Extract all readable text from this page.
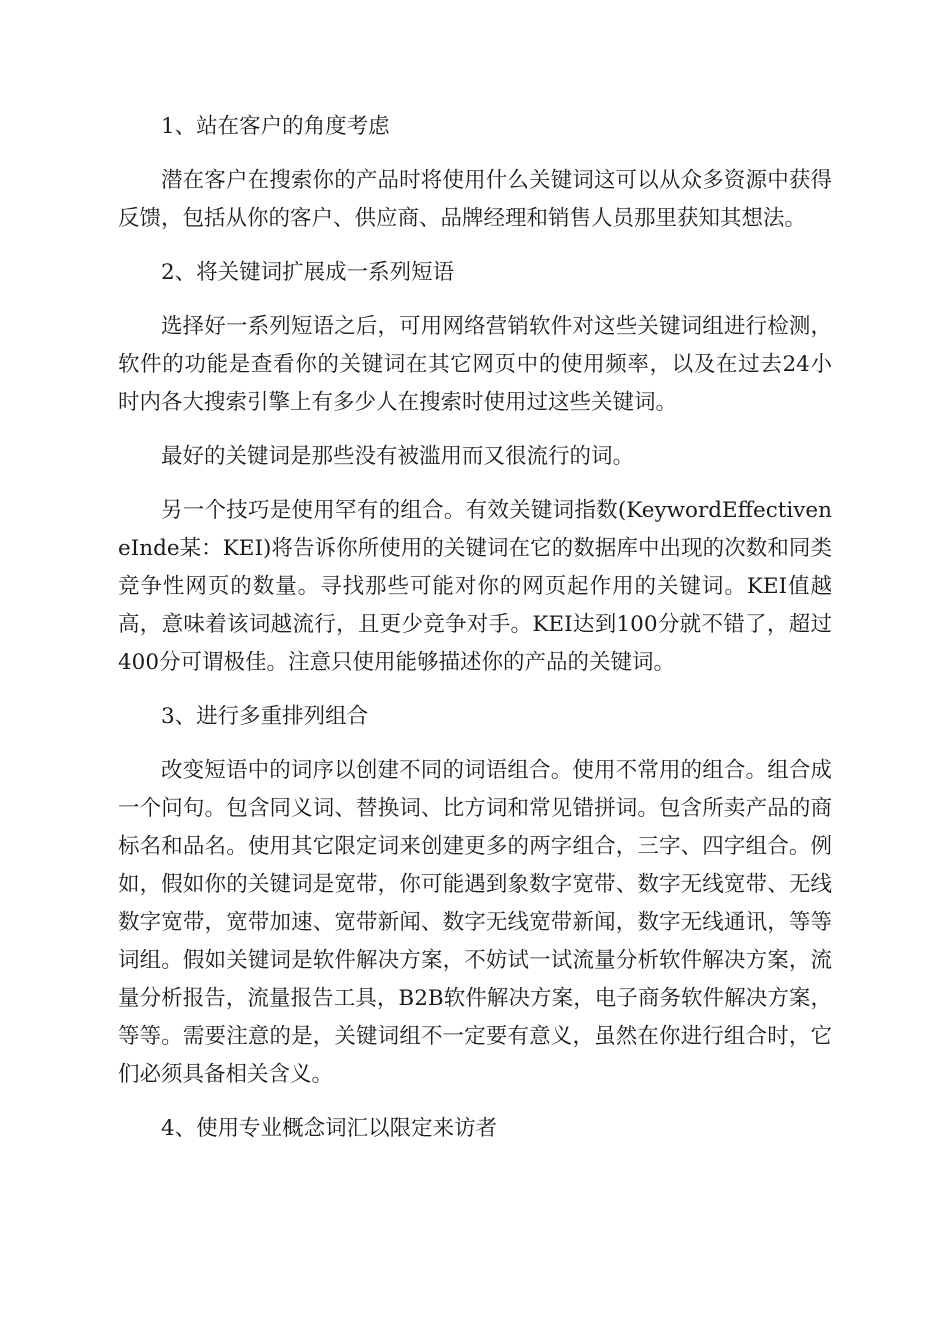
1、站在客户的角度考虑

潜在客户在搜索你的产品时将使用什么关键词这可以从众多资源中获得反馈，包括从你的客户、供应商、品牌经理和销售人员那里获知其想法。

2、将关键词扩展成一系列短语

选择好一系列短语之后，可用网络营销软件对这些关键词组进行检测，软件的功能是查看你的关键词在其它网页中的使用频率，以及在过去24小时内各大搜索引擎上有多少人在搜索时使用过这些关键词。

最好的关键词是那些没有被滥用而又很流行的词。

另一个技巧是使用罕有的组合。有效关键词指数(KeywordEffectiveneInde某：KEI)将告诉你所使用的关键词在它的数据库中出现的次数和同类竞争性网页的数量。寻找那些可能对你的网页起作用的关键词。KEI值越高，意味着该词越流行，且更少竞争对手。KEI达到100分就不错了，超过400分可谓极佳。注意只使用能够描述你的产品的关键词。

3、进行多重排列组合

改变短语中的词序以创建不同的词语组合。使用不常用的组合。组合成一个问句。包含同义词、替换词、比方词和常见错拼词。包含所卖产品的商标名和品名。使用其它限定词来创建更多的两字组合，三字、四字组合。例如，假如你的关键词是宽带，你可能遇到象数字宽带、数字无线宽带、无线数字宽带，宽带加速、宽带新闻、数字无线宽带新闻，数字无线通讯，等等词组。假如关键词是软件解决方案，不妨试一试流量分析软件解决方案，流量分析报告，流量报告工具，B2B软件解决方案，电子商务软件解决方案，等等。需要注意的是，关键词组不一定要有意义，虽然在你进行组合时，它们必须具备相关含义。

4、使用专业概念词汇以限定来访者
